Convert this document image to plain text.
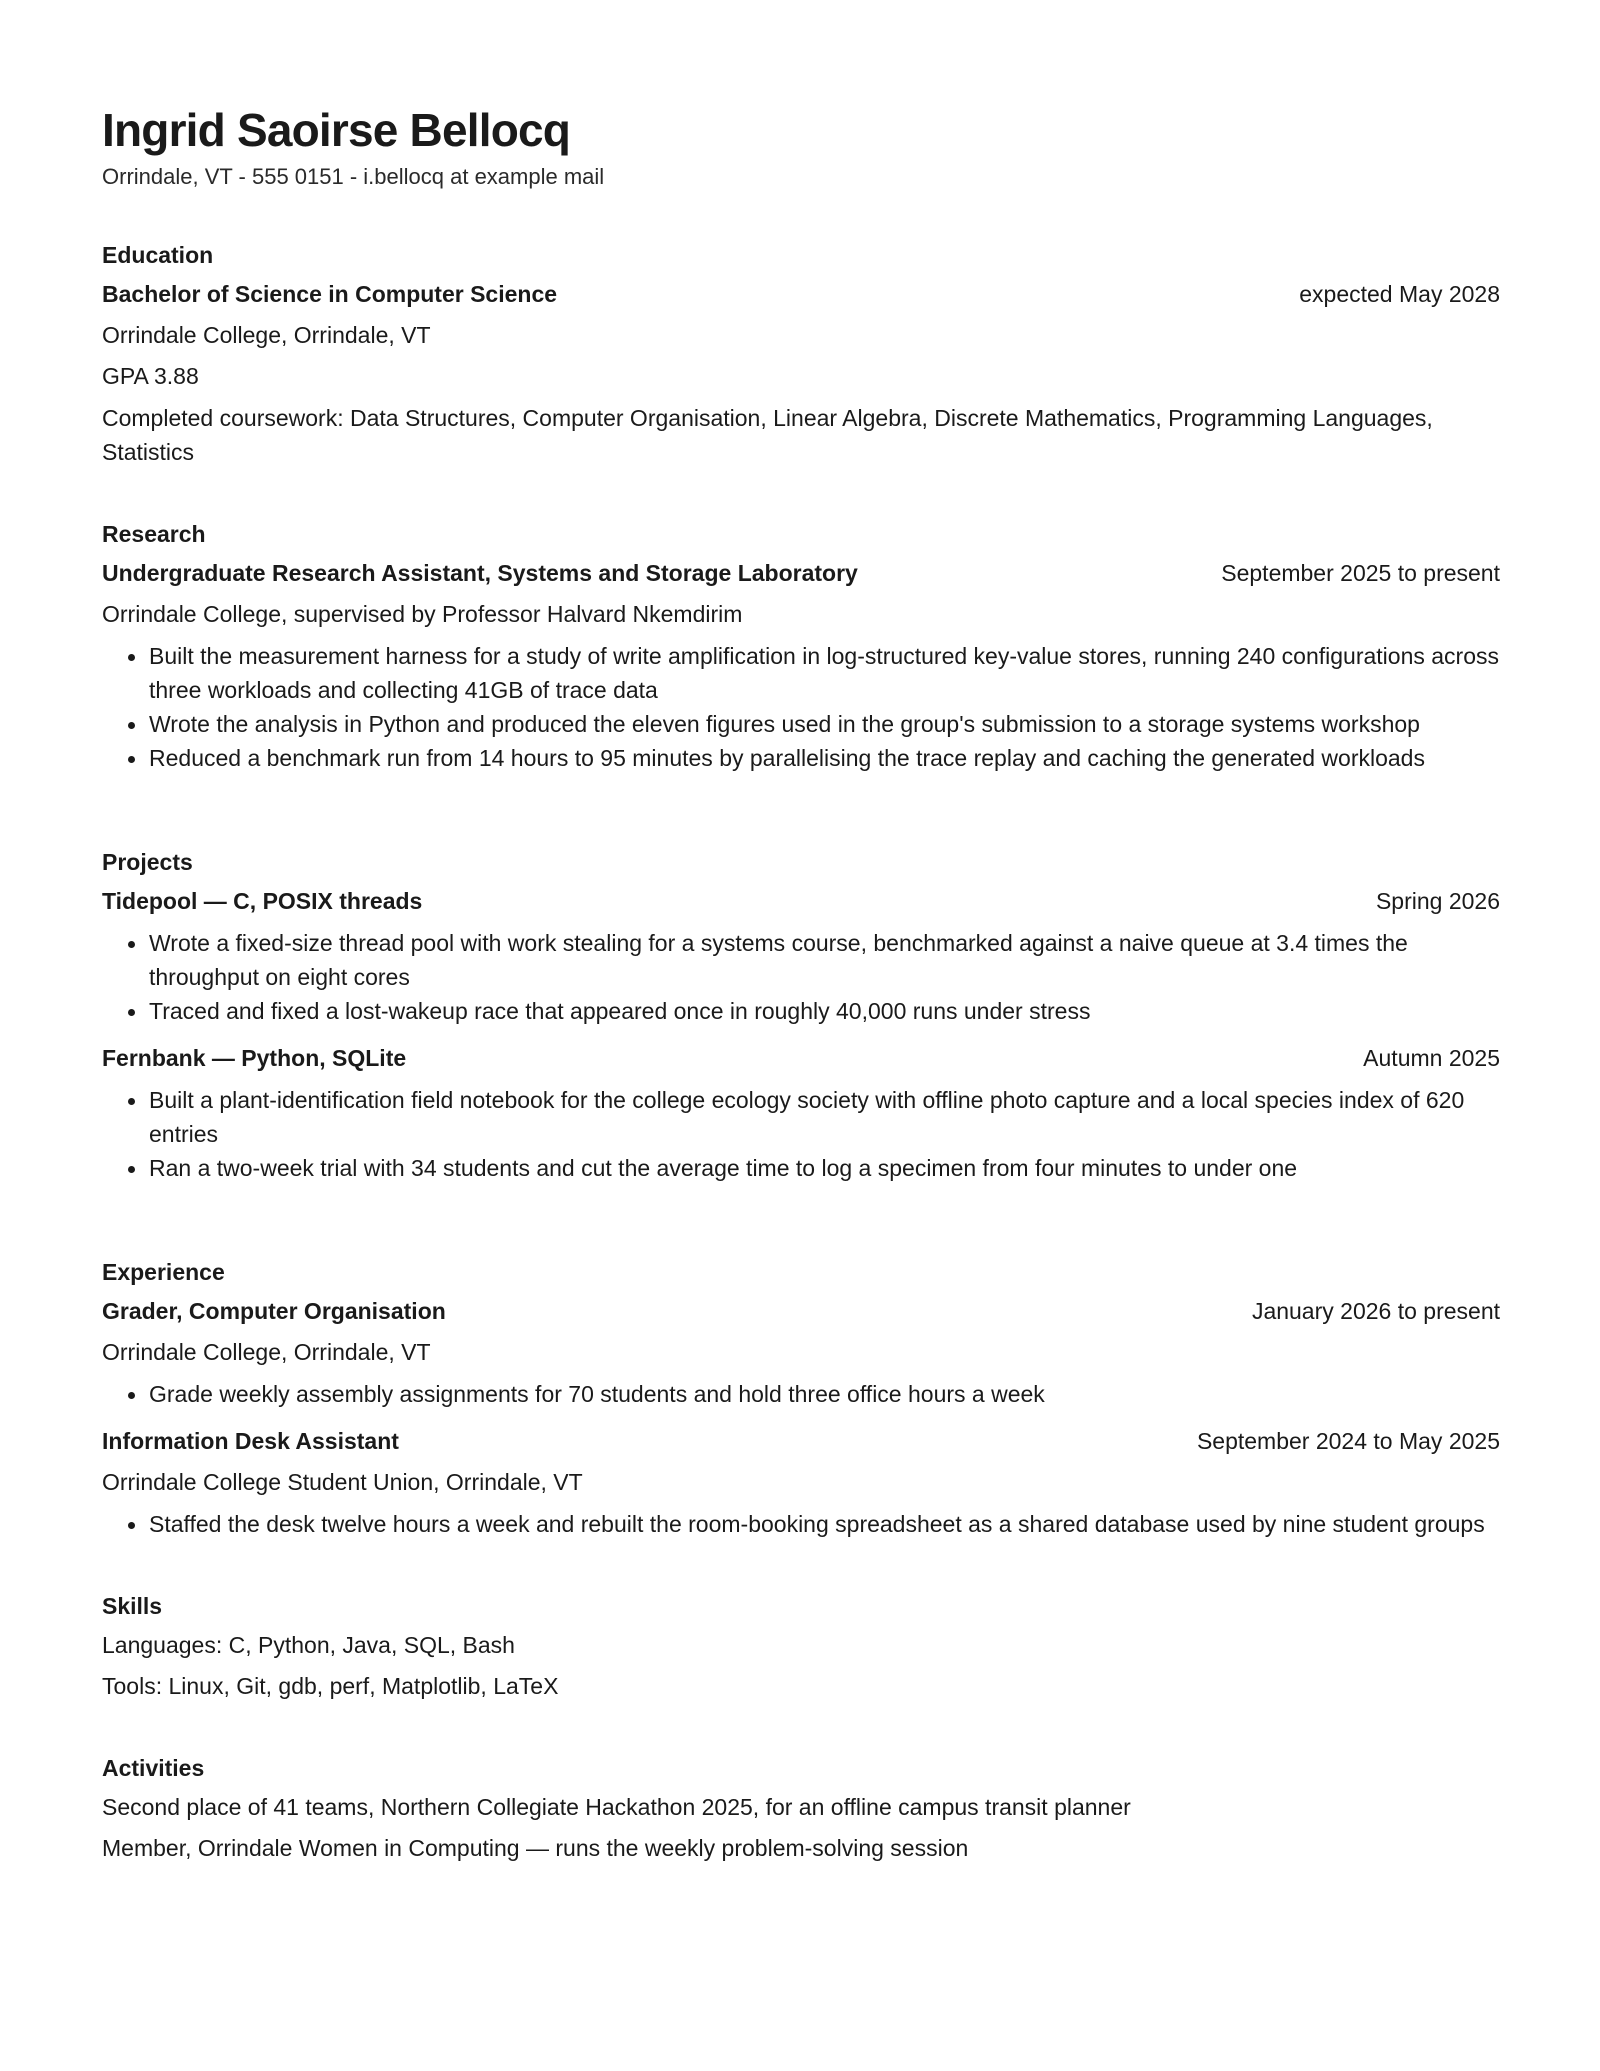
Ingrid Saoirse Bellocq
Orrindale, VT - 555 0151 - i.bellocq at example mail
Education
Bachelor of Science in Computer Science	expected May 2028
Orrindale College, Orrindale, VT
GPA 3.88
Completed coursework: Data Structures, Computer Organisation, Linear Algebra, Discrete Mathematics, Programming Languages, Statistics
Research
Undergraduate Research Assistant, Systems and Storage Laboratory	September 2025 to present
Orrindale College, supervised by Professor Halvard Nkemdirim
Built the measurement harness for a study of write amplification in log-structured key-value stores, running 240 configurations across three workloads and collecting 41GB of trace data
Wrote the analysis in Python and produced the eleven figures used in the group's submission to a storage systems workshop
Reduced a benchmark run from 14 hours to 95 minutes by parallelising the trace replay and caching the generated workloads
Projects
Tidepool — C, POSIX threads	Spring 2026
Wrote a fixed-size thread pool with work stealing for a systems course, benchmarked against a naive queue at 3.4 times the throughput on eight cores
Traced and fixed a lost-wakeup race that appeared once in roughly 40,000 runs under stress
Fernbank — Python, SQLite	Autumn 2025
Built a plant-identification field notebook for the college ecology society with offline photo capture and a local species index of 620 entries
Ran a two-week trial with 34 students and cut the average time to log a specimen from four minutes to under one
Experience
Grader, Computer Organisation	January 2026 to present
Orrindale College, Orrindale, VT
Grade weekly assembly assignments for 70 students and hold three office hours a week
Information Desk Assistant	September 2024 to May 2025
Orrindale College Student Union, Orrindale, VT
Staffed the desk twelve hours a week and rebuilt the room-booking spreadsheet as a shared database used by nine student groups
Skills
Languages: C, Python, Java, SQL, Bash
Tools: Linux, Git, gdb, perf, Matplotlib, LaTeX
Activities
Second place of 41 teams, Northern Collegiate Hackathon 2025, for an offline campus transit planner
Member, Orrindale Women in Computing — runs the weekly problem-solving session
